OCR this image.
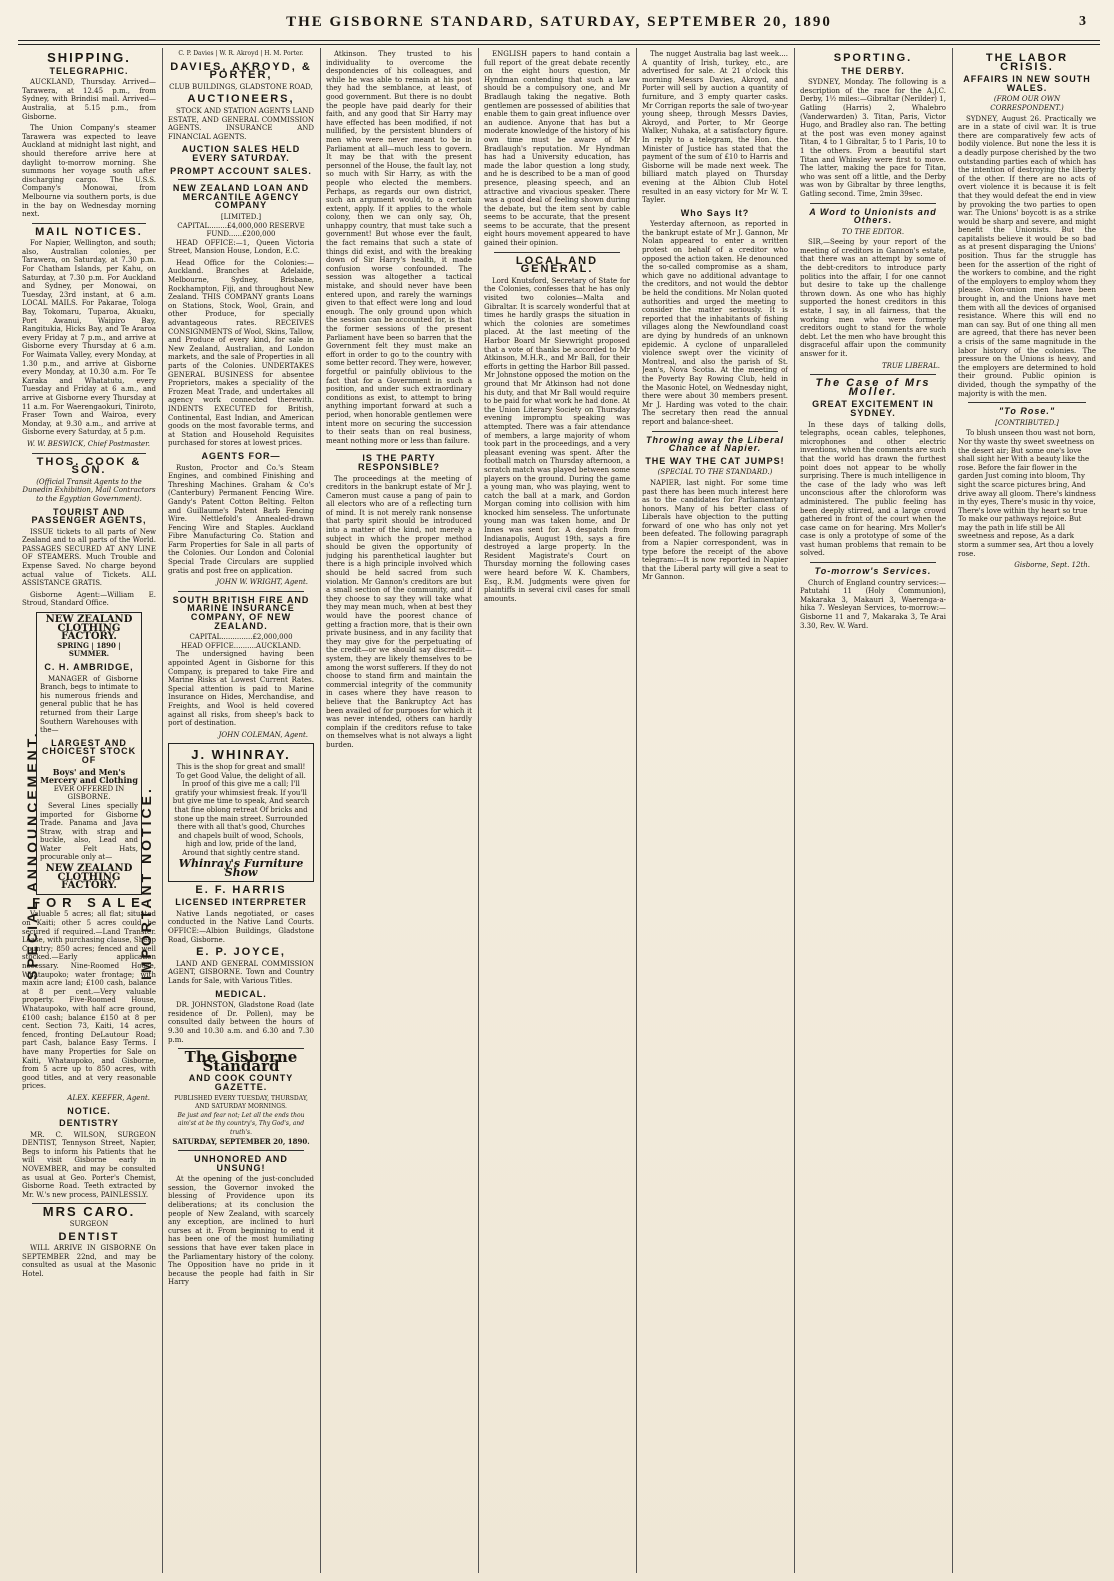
THE GISBORNE STANDARD, SATURDAY, SEPTEMBER 20, 1890	3
SPECIAL ANNOUNCEMENT.	IMPORTANT NOTICE.
SHIPPING.
TELEGRAPHIC.

AUCKLAND, Thursday. Arrived—Tarawera, at 12.45 p.m., from Sydney, with Brindisi mail. Arrived—Australia, at 5.15 p.m., from Gisborne.

The Union Company's steamer Tarawera was expected to leave Auckland at midnight last night, and should therefore arrive here at daylight to-morrow morning. She summons her voyage south after discharging cargo. The U.S.S. Company's Monowai, from Melbourne via southern ports, is due in the bay on Wednesday morning next.

MAIL NOTICES.

For Napier, Wellington, and south; also, Australian colonies, per Tarawera, on Saturday, at 7.30 p.m. For Chatham Islands, per Kahu, on Saturday, at 7.30 p.m. For Auckland and Sydney, per Monowai, on Tuesday, 23rd instant, at 6 a.m. LOCAL MAILS. For Pakarae, Tologa Bay, Tokomaru, Tuparoa, Akuaku, Port Awanui, Waipiro Bay, Rangitukia, Hicks Bay, and Te Araroa every Friday at 7 p.m., and arrive at Gisborne every Thursday at 6 a.m. For Waimata Valley, every Monday, at 1.30 p.m., and arrive at Gisborne every Monday, at 10.30 a.m. For Te Karaka and Whatatutu, every Tuesday and Friday at 6 a.m., and arrive at Gisborne every Thursday at 11 a.m. For Waerengaokuri, Tiniroto, Fraser Town and Wairoa, every Monday, at 9.30 a.m., and arrive at Gisborne every Saturday, at 5 p.m.

W. W. BESWICK, Chief Postmaster.
THOS. COOK & SON.
(Official Transit Agents to the Dunedin Exhibition, Mail Contractors to the Egyptian Government).
TOURIST AND PASSENGER AGENTS,

ISSUE tickets to all parts of New Zealand and to all parts of the World. PASSAGES SECURED AT ANY LINE OF STEAMERS. Much Trouble and Expense Saved. No charge beyond actual value of Tickets. ALL ASSISTANCE GRATIS.

Gisborne Agent:—William E. Stroud, Standard Office.

NEW ZEALAND CLOTHING FACTORY.
SPRING | 1890 | SUMMER.
C. H. AMBRIDGE,

MANAGER of Gisborne Branch, begs to intimate to his numerous friends and general public that he has returned from their Large Southern Warehouses with the—

LARGEST AND CHOICEST STOCK OF
Boys' and Men's Mercery and Clothing
EVER OFFERED IN GISBORNE.

Several Lines specially imported for Gisborne Trade. Panama and Java Straw, with strap and buckle, also, Lead and Water Felt Hats, procurable only at—

NEW ZEALAND CLOTHING FACTORY.
FOR SALE

Valuable 5 acres; all flat; situated on Kaiti; other 5 acres could be secured if required.—Land Transfer. Lease, with purchasing clause, Sheep Country; 850 acres; fenced and well stocked.—Early application necessary. Nine-Roomed House, Whataupoko; water frontage; with maxin acre land; £100 cash, balance at 8 per cent.—Very valuable property. Five-Roomed House, Whataupoko, with half acre ground, £100 cash; balance £150 at 8 per cent. Section 73, Kaiti, 14 acres, fenced, fronting DeLautour Road; part Cash, balance Easy Terms. I have many Properties for Sale on Kaiti, Whataupoko, and Gisborne, from 5 acre up to 850 acres, with good titles, and at very reasonable prices.

ALEX. KEEFER, Agent.
NOTICE.
DENTISTRY

MR. C. WILSON, SURGEON DENTIST, Tennyson Street, Napier, Begs to inform his Patients that he will visit Gisborne early in NOVEMBER, and may be consulted as usual at Geo. Porter's Chemist, Gisborne Road. Teeth extracted by Mr. W.'s new process, PAINLESSLY.

MRS CARO.
SURGEON
DENTIST

WILL ARRIVE IN GISBORNE On SEPTEMBER 22nd, and may be consulted as usual at the Masonic Hotel.

C. P. Davies | W. R. Akroyd | H. M. Porter.
DAVIES, AKROYD, & PORTER,
CLUB BUILDINGS, GLADSTONE ROAD,
AUCTIONEERS,

STOCK AND STATION AGENTS LAND ESTATE, AND GENERAL COMMISSION AGENTS. INSURANCE AND FINANCIAL AGENTS.

AUCTION SALES HELD EVERY SATURDAY.
PROMPT ACCOUNT SALES.
NEW ZEALAND LOAN AND MERCANTILE AGENCY COMPANY
[LIMITED.]
CAPITAL........£4,000,000 RESERVE FUND......£200,000

HEAD OFFICE:—1, Queen Victoria Street, Mansion House, London, E.C.

Head Office for the Colonies:—Auckland. Branches at Adelaide, Melbourne, Sydney, Brisbane, Rockhampton, Fiji, and throughout New Zealand. THIS COMPANY grants Loans on Stations, Stock, Wool, Grain, and other Produce, for specially advantageous rates. RECEIVES CONSIGNMENTS of Wool, Skins, Tallow, and Produce of every kind, for sale in New Zealand, Australian, and London markets, and the sale of Properties in all parts of the Colonies. UNDERTAKES GENERAL BUSINESS for absentee Proprietors, makes a speciality of the Frozen Meat Trade, and undertakes all agency work connected therewith. INDENTS EXECUTED for British, Continental, East Indian, and American goods on the most favorable terms, and at Station and Household Requisites purchased for stores at lowest prices.

AGENTS FOR—

Ruston, Proctor and Co.'s Steam Engines, and combined Finishing and Threshing Machines. Graham & Co's (Canterbury) Permanent Fencing Wire. Gandy's Patent Cotton Belting. Felton and Guillaume's Patent Barb Fencing Wire. Nettlefold's Annealed-drawn Fencing Wire and Staples. Auckland Fibre Manufacturing Co. Station and Farm Properties for Sale in all parts of the Colonies. Our London and Colonial Special Trade Circulars are supplied gratis and post free on application.

JOHN W. WRIGHT, Agent.
SOUTH BRITISH FIRE AND MARINE INSURANCE COMPANY, OF NEW ZEALAND.
CAPITAL..............£2,000,000
HEAD OFFICE..........AUCKLAND.

The undersigned having been appointed Agent in Gisborne for this Company, is prepared to take Fire and Marine Risks at Lowest Current Rates. Special attention is paid to Marine Insurance on Hides, Merchandise, and Freights, and Wool is held covered against all risks, from sheep's back to port of destination.

JOHN COLEMAN, Agent.
J. WHINRAY.

This is the shop for great and small! To get Good Value, the delight of all. In proof of this give me a call; I'll gratify your whimsiest freak. If you'll but give me time to speak, And search that fine oblong retreat Of bricks and stone up the main street. Surrounded there with all that's good, Churches and chapels built of wood, Schools, high and low, pride of the land, Around that sightly centre stand.

Whinray's Furniture Show
E. F. HARRIS
LICENSED INTERPRETER

Native Lands negotiated, or cases conducted in the Native Land Courts. OFFICE:—Albion Buildings, Gladstone Road, Gisborne.

E. P. JOYCE,

LAND AND GENERAL COMMISSION AGENT, GISBORNE. Town and Country Lands for Sale, with Various Titles.

MEDICAL.

DR. JOHNSTON, Gladstone Road (late residence of Dr. Pollen), may be consulted daily between the hours of 9.30 and 10.30 a.m. and 6.30 and 7.30 p.m.

The Gisborne Standard
AND COOK COUNTY GAZETTE.
PUBLISHED EVERY TUESDAY, THURSDAY, AND SATURDAY MORNINGS.
Be just and fear not; Let all the ends thou aim'st at be thy country's, Thy God's, and truth's.
SATURDAY, SEPTEMBER 20, 1890.
UNHONORED AND UNSUNG!

At the opening of the just-concluded session, the Governor invoked the blessing of Providence upon its deliberations; at its conclusion the people of New Zealand, with scarcely any exception, are inclined to hurl curses at it. From beginning to end it has been one of the most humiliating sessions that have ever taken place in the Parliamentary history of the colony. The Opposition have no pride in it because the people had faith in Sir Harry

Atkinson. They trusted to his individuality to overcome the despondencies of his colleagues, and while he was able to remain at his post they had the semblance, at least, of good government. But there is no doubt the people have paid dearly for their faith, and any good that Sir Harry may have effected has been modified, if not nullified, by the persistent blunders of men who were never meant to be in Parliament at all—much less to govern. It may be that with the present personnel of the House, the fault lay, not so much with Sir Harry, as with the people who elected the members. Perhaps, as regards our own district, such an argument would, to a certain extent, apply. If it applies to the whole colony, then we can only say, Oh, unhappy country, that must take such a government! But whose ever the fault, the fact remains that such a state of things did exist, and with the breaking down of Sir Harry's health, it made confusion worse confounded. The session was altogether a tactical mistake, and should never have been entered upon, and rarely the warnings given to that effect were long and loud enough. The only ground upon which the session can be accounted for, is that the former sessions of the present Parliament have been so barren that the Government felt they must make an effort in order to go to the country with some better record. They were, however, forgetful or painfully oblivious to the fact that for a Government in such a position, and under such extraordinary conditions as exist, to attempt to bring anything important forward at such a period, when honorable gentlemen were intent more on securing the succession to their seats than on real business, meant nothing more or less than failure.

IS THE PARTY RESPONSIBLE?

The proceedings at the meeting of creditors in the bankrupt estate of Mr J. Cameron must cause a pang of pain to all electors who are of a reflecting turn of mind. It is not merely rank nonsense that party spirit should be introduced into a matter of the kind, not merely a subject in which the proper method should be given the opportunity of judging his parenthetical laughter but there is a high principle involved which should be held sacred from such violation. Mr Gannon's creditors are but a small section of the community, and if they choose to say they will take what they may mean much, when at best they would have the poorest chance of getting a fraction more, that is their own private business, and in any facility that they may give for the perpetuating of the credit—or we should say discredit—system, they are likely themselves to be among the worst sufferers. If they do not choose to stand firm and maintain the commercial integrity of the community in cases where they have reason to believe that the Bankruptcy Act has been availed of for purposes for which it was never intended, others can hardly complain if the creditors refuse to take on themselves what is not always a light burden.

ENGLISH papers to hand contain a full report of the great debate recently on the eight hours question, Mr Hyndman contending that such a law should be a compulsory one, and Mr Bradlaugh taking the negative. Both gentlemen are possessed of abilities that enable them to gain great influence over an audience. Anyone that has but a moderate knowledge of the history of his own time must be aware of Mr Bradlaugh's reputation. Mr Hyndman has had a University education, has made the labor question a long study, and he is described to be a man of good presence, pleasing speech, and an attractive and vivacious speaker. There was a good deal of feeling shown during the debate, but the item sent by cable seems to be accurate, that the present seems to be accurate, that the present eight hours movement appeared to have gained their opinion.

LOCAL AND GENERAL.

Lord Knutsford, Secretary of State for the Colonies, confesses that he has only visited two colonies—Malta and Gibraltar. It is scarcely wonderful that at times he hardly grasps the situation in which the colonies are sometimes placed. At the last meeting of the Harbor Board Mr Sievwright proposed that a vote of thanks be accorded to Mr Atkinson, M.H.R., and Mr Ball, for their efforts in getting the Harbor Bill passed. Mr Johnstone opposed the motion on the ground that Mr Atkinson had not done his duty, and that Mr Ball would require to be paid for what work he had done. At the Union Literary Society on Thursday evening impromptu speaking was attempted. There was a fair attendance of members, a large majority of whom took part in the proceedings, and a very pleasant evening was spent. After the football match on Thursday afternoon, a scratch match was played between some players on the ground. During the game a young man, who was playing, went to catch the ball at a mark, and Gordon Morgan coming into collision with him knocked him senseless. The unfortunate young man was taken home, and Dr Innes was sent for. A despatch from Indianapolis, August 19th, says a fire destroyed a large property. In the Resident Magistrate's Court on Thursday morning the following cases were heard before W. K. Chambers, Esq., R.M. Judgments were given for plaintiffs in several civil cases for small amounts.

The nugget Australia bag last week.... A quantity of Irish, turkey, etc., are advertised for sale. At 21 o'clock this morning Messrs Davies, Akroyd, and Porter will sell by auction a quantity of furniture, and 3 empty quarter casks. Mr Corrigan reports the sale of two-year young sheep, through Messrs Davies, Akroyd, and Porter, to Mr George Walker, Nuhaka, at a satisfactory figure. In reply to a telegram, the Hon. the Minister of Justice has stated that the payment of the sum of £10 to Harris and Gisborne will be made next week. The billiard match played on Thursday evening at the Albion Club Hotel resulted in an easy victory for Mr W. T. Tayler.

Who Says It?

Yesterday afternoon, as reported in the bankrupt estate of Mr J. Gannon, Mr Nolan appeared to enter a written protest on behalf of a creditor who opposed the action taken. He denounced the so-called compromise as a sham, which gave no additional advantage to the creditors, and not would the debtor be held the conditions. Mr Nolan quoted authorities and urged the meeting to consider the matter seriously. It is reported that the inhabitants of fishing villages along the Newfoundland coast are dying by hundreds of an unknown epidemic. A cyclone of unparalleled violence swept over the vicinity of Montreal, and also the parish of St. Jean's, Nova Scotia. At the meeting of the Poverty Bay Rowing Club, held in the Masonic Hotel, on Wednesday night, there were about 30 members present. Mr J. Harding was voted to the chair. The secretary then read the annual report and balance-sheet.

Throwing away the Liberal Chance at Napier.
THE WAY THE CAT JUMPS!
(SPECIAL TO THE STANDARD.)

NAPIER, last night. For some time past there has been much interest here as to the candidates for Parliamentary honors. Many of his better class of Liberals have objection to the putting forward of one who has only not yet been defeated. The following paragraph from a Napier correspondent, was in type before the receipt of the above telegram:—It is now reported in Napier that the Liberal party will give a seat to Mr Gannon.

SPORTING.
THE DERBY.

SYDNEY, Monday. The following is a description of the race for the A.J.C. Derby, 1½ miles:—Gibraltar (Nerilder) 1, Gatling (Harris) 2, Whalebro (Vanderwarden) 3. Titan, Paris, Victor Hugo, and Bradley also ran. The betting at the post was even money against Titan, 4 to 1 Gibraltar, 5 to 1 Paris, 10 to 1 the others. From a beautiful start Titan and Whinsley were first to move. The latter, making the pace for Titan, who was sent off a little, and the Derby was won by Gibraltar by three lengths, Gatling second. Time, 2min 39sec.

A Word to Unionists and Others.
TO THE EDITOR.

SIR,—Seeing by your report of the meeting of creditors in Gannon's estate, that there was an attempt by some of the debt-creditors to introduce party politics into the affair, I for one cannot but desire to take up the challenge thrown down. As one who has highly supported the honest creditors in this estate, I say, in all fairness, that the working men who were formerly creditors ought to stand for the whole debt. Let the men who have brought this disgraceful affair upon the community answer for it.

TRUE LIBERAL.
The Case of Mrs Moller.
GREAT EXCITEMENT IN SYDNEY.

In these days of talking dolls, telegraphs, ocean cables, telephones, microphones and other electric inventions, when the comments are such that the world has drawn the furthest point does not appear to be wholly surprising. There is much intelligence in the case of the lady who was left unconscious after the chloroform was administered. The public feeling has been deeply stirred, and a large crowd gathered in front of the court when the case came on for hearing. Mrs Moller's case is only a prototype of some of the vast human problems that remain to be solved.

To-morrow's Services.

Church of England country services:—Patutahi 11 (Holy Communion), Makaraka 3, Makauri 3, Waerenga-a-hika 7. Wesleyan Services, to-morrow:—Gisborne 11 and 7, Makaraka 3, Te Arai 3.30, Rev. W. Ward.

THE LABOR CRISIS.
AFFAIRS IN NEW SOUTH WALES.
(FROM OUR OWN CORRESPONDENT.)

SYDNEY, August 26. Practically we are in a state of civil war. It is true there are comparatively few acts of bodily violence. But none the less it is a deadly purpose cherished by the two outstanding parties each of which has the intention of destroying the liberty of the other. If there are no acts of overt violence it is because it is felt that they would defeat the end in view by provoking the two parties to open war. The Unions' boycott is as a strike would be sharp and severe, and might benefit the Unionists. But the capitalists believe it would be so bad as at present disparaging the Unions' position. Thus far the struggle has been for the assertion of the right of the workers to combine, and the right of the employers to employ whom they please. Non-union men have been brought in, and the Unions have met them with all the devices of organised resistance. Where this will end no man can say. But of one thing all men are agreed, that there has never been a crisis of the same magnitude in the labor history of the colonies. The pressure on the Unions is heavy, and the employers are determined to hold their ground. Public opinion is divided, though the sympathy of the majority is with the men.

"To Rose."
[CONTRIBUTED.]

To blush unseen thou wast not born, Nor thy waste thy sweet sweetness on the desert air; But some one's love shall sight her With a beauty like the rose. Before the fair flower in the garden Just coming into bloom, Thy sight the scarce pictures bring, And drive away all gloom. There's kindness in thy eyes, There's music in thy voice, There's love within thy heart so true To make our pathways rejoice. But may the path in life still be All sweetness and repose, As a dark storm a summer sea, Art thou a lovely rose.

Gisborne, Sept. 12th.
